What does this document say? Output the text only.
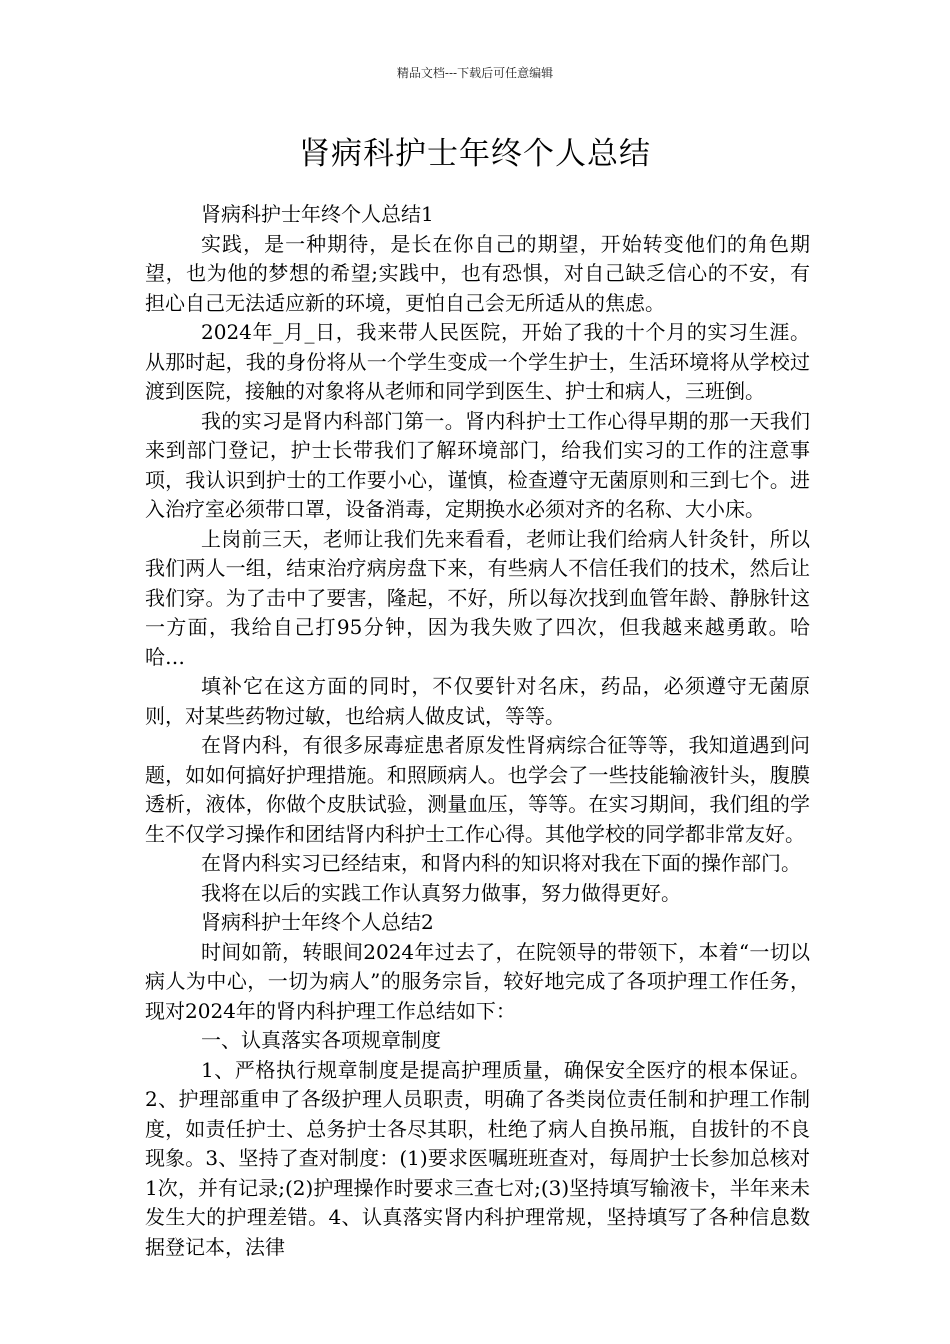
精品文档---下载后可任意编辑
肾病科护士年终个人总结

肾病科护士年终个人总结1

实践，是一种期待，是长在你自己的期望，开始转变他们的角色期望，也为他的梦想的希望;实践中，也有恐惧，对自己缺乏信心的不安，有担心自己无法适应新的环境，更怕自己会无所适从的焦虑。

2024年_月_日，我来带人民医院，开始了我的十个月的实习生涯。从那时起，我的身份将从一个学生变成一个学生护士，生活环境将从学校过渡到医院，接触的对象将从老师和同学到医生、护士和病人，三班倒。

我的实习是肾内科部门第一。肾内科护士工作心得早期的那一天我们来到部门登记，护士长带我们了解环境部门，给我们实习的工作的注意事项，我认识到护士的工作要小心，谨慎，检查遵守无菌原则和三到七个。进入治疗室必须带口罩，设备消毒，定期换水必须对齐的名称、大小床。

上岗前三天，老师让我们先来看看，老师让我们给病人针灸针，所以我们两人一组，结束治疗病房盘下来，有些病人不信任我们的技术，然后让我们穿。为了击中了要害，隆起，不好，所以每次找到血管年龄、静脉针这一方面，我给自己打95分钟，因为我失败了四次，但我越来越勇敢。哈哈…

填补它在这方面的同时，不仅要针对名床，药品，必须遵守无菌原则，对某些药物过敏，也给病人做皮试，等等。

在肾内科，有很多尿毒症患者原发性肾病综合征等等，我知道遇到问题，如如何搞好护理措施。和照顾病人。也学会了一些技能输液针头，腹膜透析，液体，你做个皮肤试验，测量血压，等等。在实习期间，我们组的学生不仅学习操作和团结肾内科护士工作心得。其他学校的同学都非常友好。

在肾内科实习已经结束，和肾内科的知识将对我在下面的操作部门。

我将在以后的实践工作认真努力做事，努力做得更好。

肾病科护士年终个人总结2

时间如箭，转眼间2024年过去了，在院领导的带领下，本着“一切以病人为中心，一切为病人”的服务宗旨，较好地完成了各项护理工作任务，现对2024年的肾内科护理工作总结如下：

一、认真落实各项规章制度

1、严格执行规章制度是提高护理质量，确保安全医疗的根本保证。2、护理部重申了各级护理人员职责，明确了各类岗位责任制和护理工作制度，如责任护士、总务护士各尽其职，杜绝了病人自换吊瓶，自拔针的不良现象。3、坚持了查对制度：(1)要求医嘱班班查对，每周护士长参加总核对1次，并有记录;(2)护理操作时要求三查七对;(3)坚持填写输液卡，半年来未发生大的护理差错。4、认真落实肾内科护理常规，坚持填写了各种信息数据登记本，法律
